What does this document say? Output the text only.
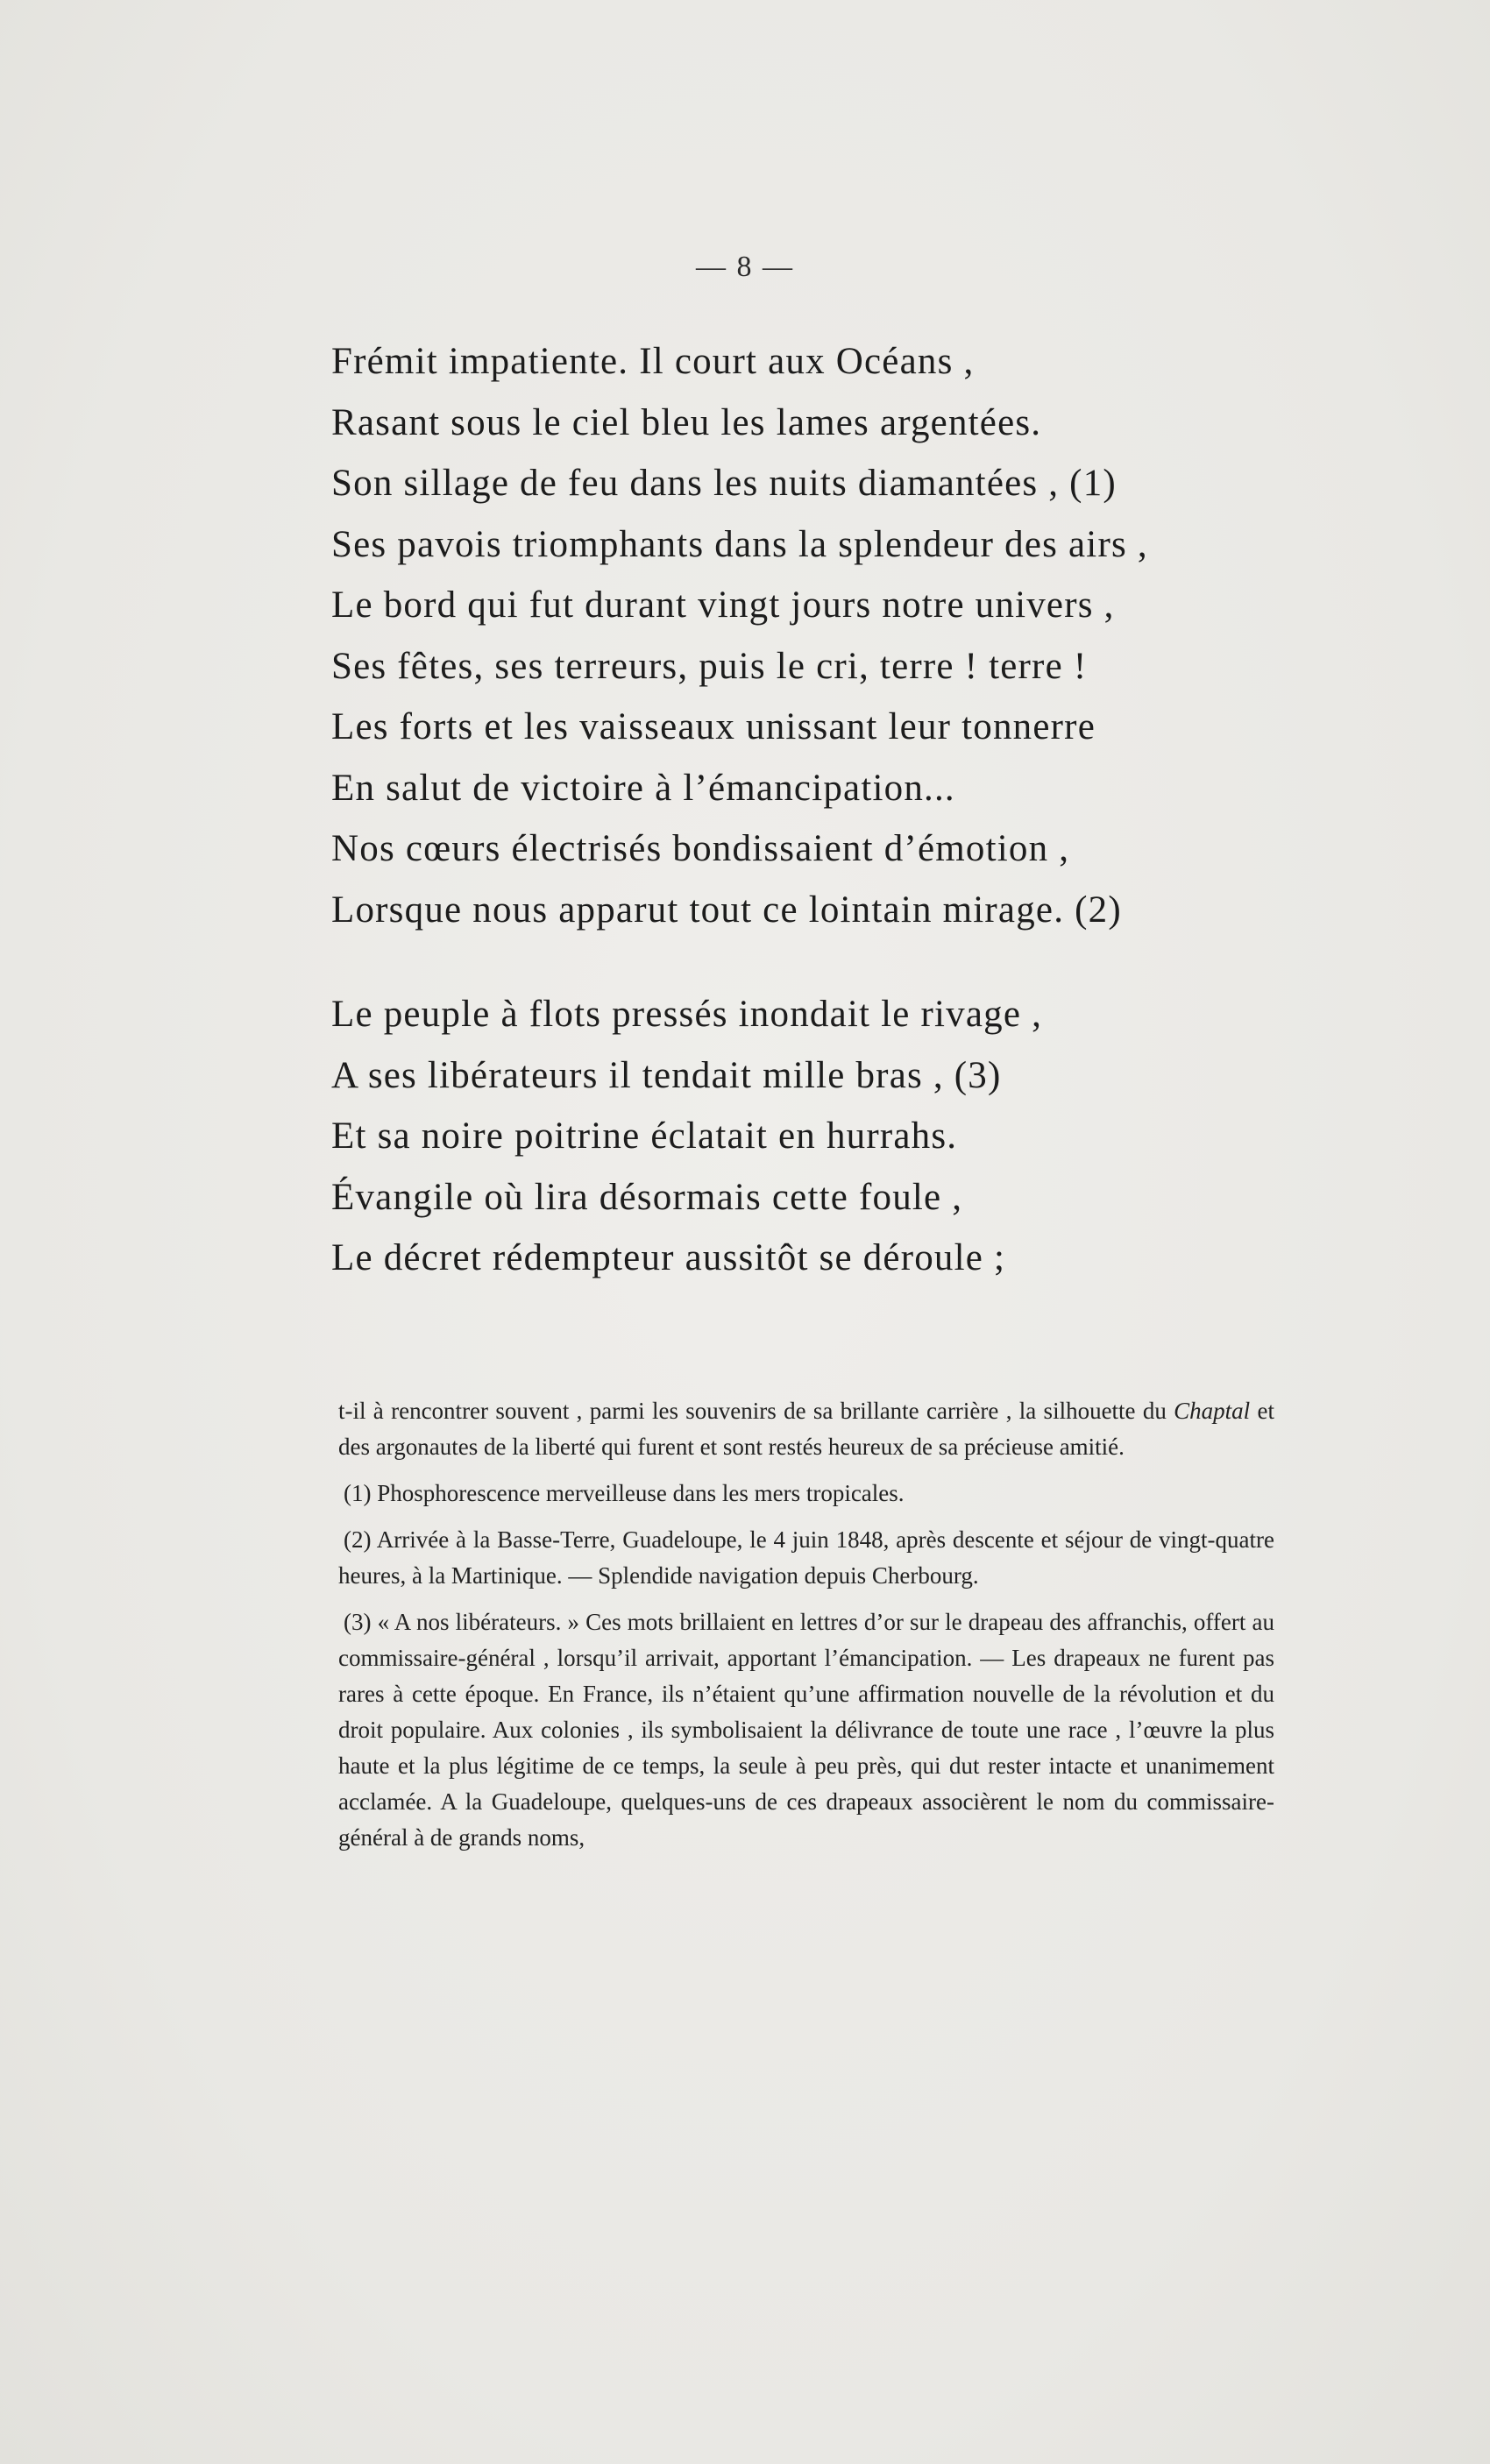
— 8 —
Frémit impatiente. Il court aux Océans ,
Rasant sous le ciel bleu les lames argentées.
Son sillage de feu dans les nuits diamantées , (1)
Ses pavois triomphants dans la splendeur des airs ,
Le bord qui fut durant vingt jours notre univers ,
Ses fêtes, ses terreurs, puis le cri, terre ! terre !
Les forts et les vaisseaux unissant leur tonnerre
En salut de victoire à l’émancipation...
Nos cœurs électrisés bondissaient d’émotion ,
Lorsque nous apparut tout ce lointain mirage. (2)
Le peuple à flots pressés inondait le rivage ,
A ses libérateurs il tendait mille bras , (3)
Et sa noire poitrine éclatait en hurrahs.
Évangile où lira désormais cette foule ,
Le décret rédempteur aussitôt se déroule ;

t-il à rencontrer souvent , parmi les souvenirs de sa brillante carrière , la silhouette du Chaptal et des argonautes de la liberté qui furent et sont restés heureux de sa précieuse amitié.

(1) Phosphorescence merveilleuse dans les mers tropicales.

(2) Arrivée à la Basse-Terre, Guadeloupe, le 4 juin 1848, après descente et séjour de vingt-quatre heures, à la Martinique. — Splendide navigation depuis Cherbourg.

(3) « A nos libérateurs. » Ces mots brillaient en lettres d’or sur le drapeau des affranchis, offert au commissaire-général , lorsqu’il arrivait, apportant l’émancipation. — Les drapeaux ne furent pas rares à cette époque. En France, ils n’étaient qu’une affirmation nouvelle de la révolution et du droit populaire. Aux colonies , ils symbolisaient la délivrance de toute une race , l’œuvre la plus haute et la plus légitime de ce temps, la seule à peu près, qui dut rester intacte et unanimement acclamée. A la Guadeloupe, quelques-uns de ces drapeaux associèrent le nom du commissaire-général à de grands noms,
